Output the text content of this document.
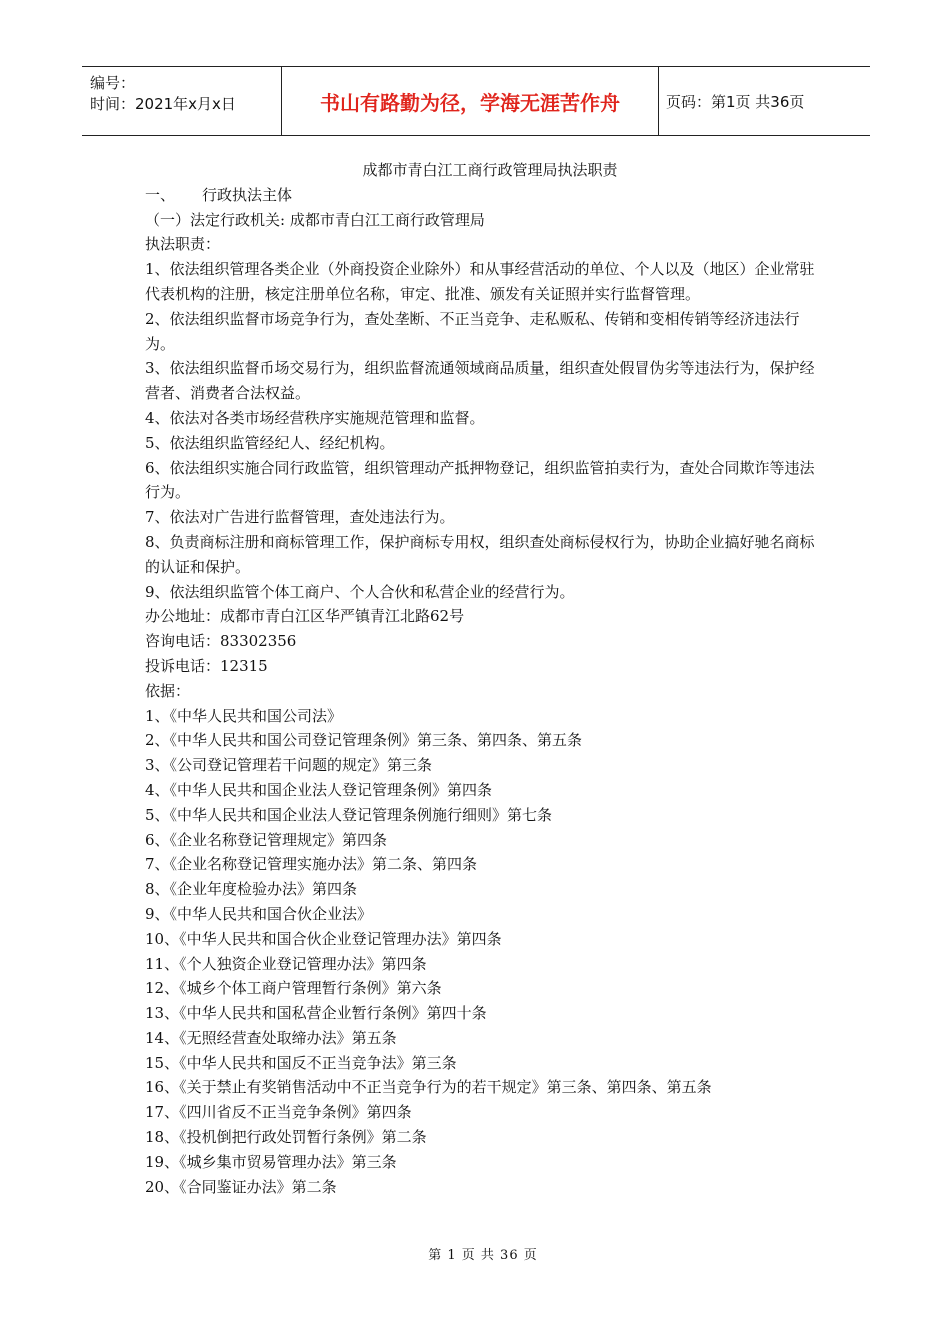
编号：
时间：2021年x月x日	书山有路勤为径，学海无涯苦作舟	页码：第1页 共36页
成都市青白江工商行政管理局执法职责
一、 行政执法主体
（一）法定行政机关: 成都市青白江工商行政管理局
执法职责：
1、依法组织管理各类企业（外商投资企业除外）和从事经营活动的单位、个人以及（地区）企业常驻代表机构的注册，核定注册单位名称，审定、批准、颁发有关证照并实行监督管理。
2、依法组织监督市场竞争行为，查处垄断、不正当竞争、走私贩私、传销和变相传销等经济违法行为。
3、依法组织监督币场交易行为，组织监督流通领域商品质量，组织查处假冒伪劣等违法行为，保护经营者、消费者合法权益。
4、依法对各类市场经营秩序实施规范管理和监督。
5、依法组织监管经纪人、经纪机构。
6、依法组织实施合同行政监管，组织管理动产抵押物登记，组织监管拍卖行为，查处合同欺诈等违法行为。
7、依法对广告进行监督管理，查处违法行为。
8、负责商标注册和商标管理工作，保护商标专用权，组织查处商标侵权行为，协助企业搞好驰名商标的认证和保护。
9、依法组织监管个体工商户、个人合伙和私营企业的经营行为。
办公地址：成都市青白江区华严镇青江北路62号
咨询电话：83302356
投诉电话：12315
依据：
1、《中华人民共和国公司法》
2、《中华人民共和国公司登记管理条例》第三条、第四条、第五条
3、《公司登记管理若干问题的规定》第三条
4、《中华人民共和国企业法人登记管理条例》第四条
5、《中华人民共和国企业法人登记管理条例施行细则》第七条
6、《企业名称登记管理规定》第四条
7、《企业名称登记管理实施办法》第二条、第四条
8、《企业年度检验办法》第四条
9、《中华人民共和国合伙企业法》
10、《中华人民共和国合伙企业登记管理办法》第四条
11、《个人独资企业登记管理办法》第四条
12、《城乡个体工商户管理暂行条例》第六条
13、《中华人民共和国私营企业暂行条例》第四十条
14、《无照经营查处取缔办法》第五条
15、《中华人民共和国反不正当竞争法》第三条
16、《关于禁止有奖销售活动中不正当竞争行为的若干规定》第三条、第四条、第五条
17、《四川省反不正当竞争条例》第四条
18、《投机倒把行政处罚暂行条例》第二条
19、《城乡集市贸易管理办法》第三条
20、《合同鉴证办法》第二条
第 1 页 共 36 页
